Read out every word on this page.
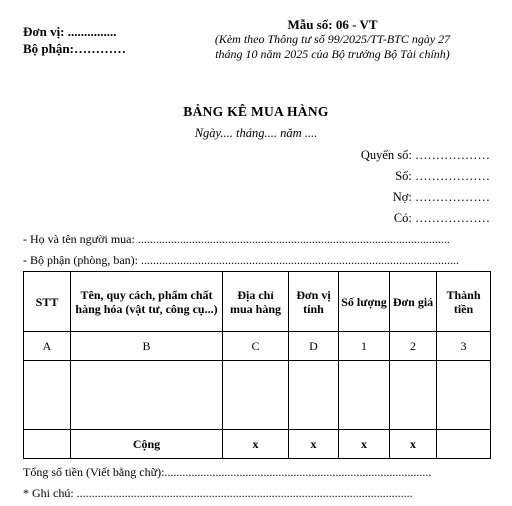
Đơn vị: ...............
Bộ phận:…………
Mẫu số: 06 - VT
(Kèm theo Thông tư số 99/2025/TT-BTC ngày 27 tháng 10 năm 2025 của Bộ trưởng Bộ Tài chính)
BẢNG KÊ MUA HÀNG
Ngày.... tháng.... năm ....
Quyển số: ………………
Số: ………………
Nợ: ………………
Có: ………………
- Họ và tên người mua: ........................................................................................................
- Bộ phận (phòng, ban): ..........................................................................................................
STT	Tên, quy cách, phẩm chất hàng hóa (vật tư, công cụ...)	Địa chỉ mua hàng	Đơn vị tính	Số lượng	Đơn giá	Thành tiền
A	B	C	D	1	2	3

	Cộng	x	x	x	x	
Tổng số tiền (Viết bằng chữ):.........................................................................................
* Ghi chú: ................................................................................................................
